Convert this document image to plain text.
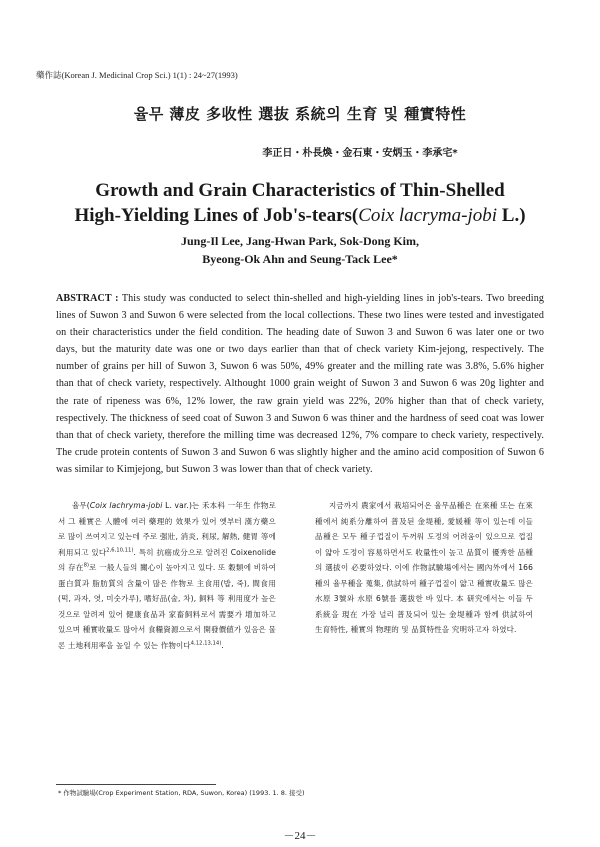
藥作誌(Korean J. Medicinal Crop Sci.) 1(1) : 24~27(1993)
율무 薄皮 多收性 選抜 系統의 生育 및 種實特性
李正日・朴長煥・金石東・安炳玉・李承宅*
Growth and Grain Characteristics of Thin-Shelled
High-Yielding Lines of Job's-tears(Coix lacryma-jobi L.)
Jung-Il Lee, Jang-Hwan Park, Sok-Dong Kim,
Byeong-Ok Ahn and Seung-Tack Lee*
ABSTRACT : This study was conducted to select thin-shelled and high-yielding lines in job's-tears. Two breeding lines of Suwon 3 and Suwon 6 were selected from the local collections. These two lines were tested and investigated on their characteristics under the field condition. The heading date of Suwon 3 and Suwon 6 was later one or two days, but the maturity date was one or two days earlier than that of check variety Kim-jejong, respectively. The number of grains per hill of Suwon 3, Suwon 6 was 50%, 49% greater and the milling rate was 3.8%, 5.6% higher than that of check variety, respectively. Althought 1000 grain weight of Suwon 3 and Suwon 6 was 20g lighter and the rate of ripeness was 6%, 12% lower, the raw grain yield was 22%, 20% higher than that of check variety, respectively. The thickness of seed coat of Suwon 3 and Suwon 6 was thiner and the hardness of seed coat was lower than that of check variety, therefore the milling time was decreased 12%, 7% compare to check variety, respectively. The crude protein contents of Suwon 3 and Suwon 6 was slightly higher and the amino acid composition of Suwon 6 was similar to Kimjejong, but Suwon 3 was lower than that of check variety.

율무(Coix lachryma-jobi L. var.)는 禾本科 一年生 作物로서 그 種實은 人體에 여러 藥理的 效果가 있어 옛부터 漢方藥으로 많이 쓰여지고 있는데 주로 强壯, 消炎, 利尿, 解熱, 健胃 等에 利用되고 있다$^{2,6,10,11)}$. 특히 抗癌成分으로 알려진 Coixenolide의 存在$^{8)}$로 一般人들의 關心이 높아지고 있다. 또 穀類에 비하여 蛋白質과 脂肪質의 含量이 많은 作物로 主食用(밥, 죽), 間食用(떡, 과자, 엿, 미숫가루), 嗜好品(술, 차), 飼料 等 利用度가 높은 것으로 알려져 있어 健康食品과 家畜飼料로서 需要가 增加하고 있으며 種實收量도 많아서 食糧資源으로서 開發價値가 있음은 물론 土地利用率을 높일 수 있는 作物이다$^{4,12,13,14)}$.

지금까지 農家에서 栽培되어온 율무品種은 在來種 또는 在來種에서 純系分離하여 普及된 金堤種, 愛媛種 等이 있는데 이들 品種은 모두 種子껍질이 두꺼워 도정의 어려움이 있으므로 껍질이 얇아 도정이 容易하면서도 收量性이 높고 品質이 優秀한 品種의 選拔이 必要하였다. 이에 作物試驗場에서는 國內外에서 166種의 율무種을 蒐集, 供試하여 種子껍질이 얇고 種實收量도 많은 水原 3號와 水原 6號를 選拔한 바 있다. 本 研究에서는 이들 두 系統을 現在 가장 널리 普及되어 있는 金堤種과 함께 供試하여 生育特性, 種實의 物理的 및 品質特性을 究明하고자 하였다.

* 作物試驗場(Crop Experiment Station, RDA, Suwon, Korea) (1993. 1. 8. 接受)
－24－
